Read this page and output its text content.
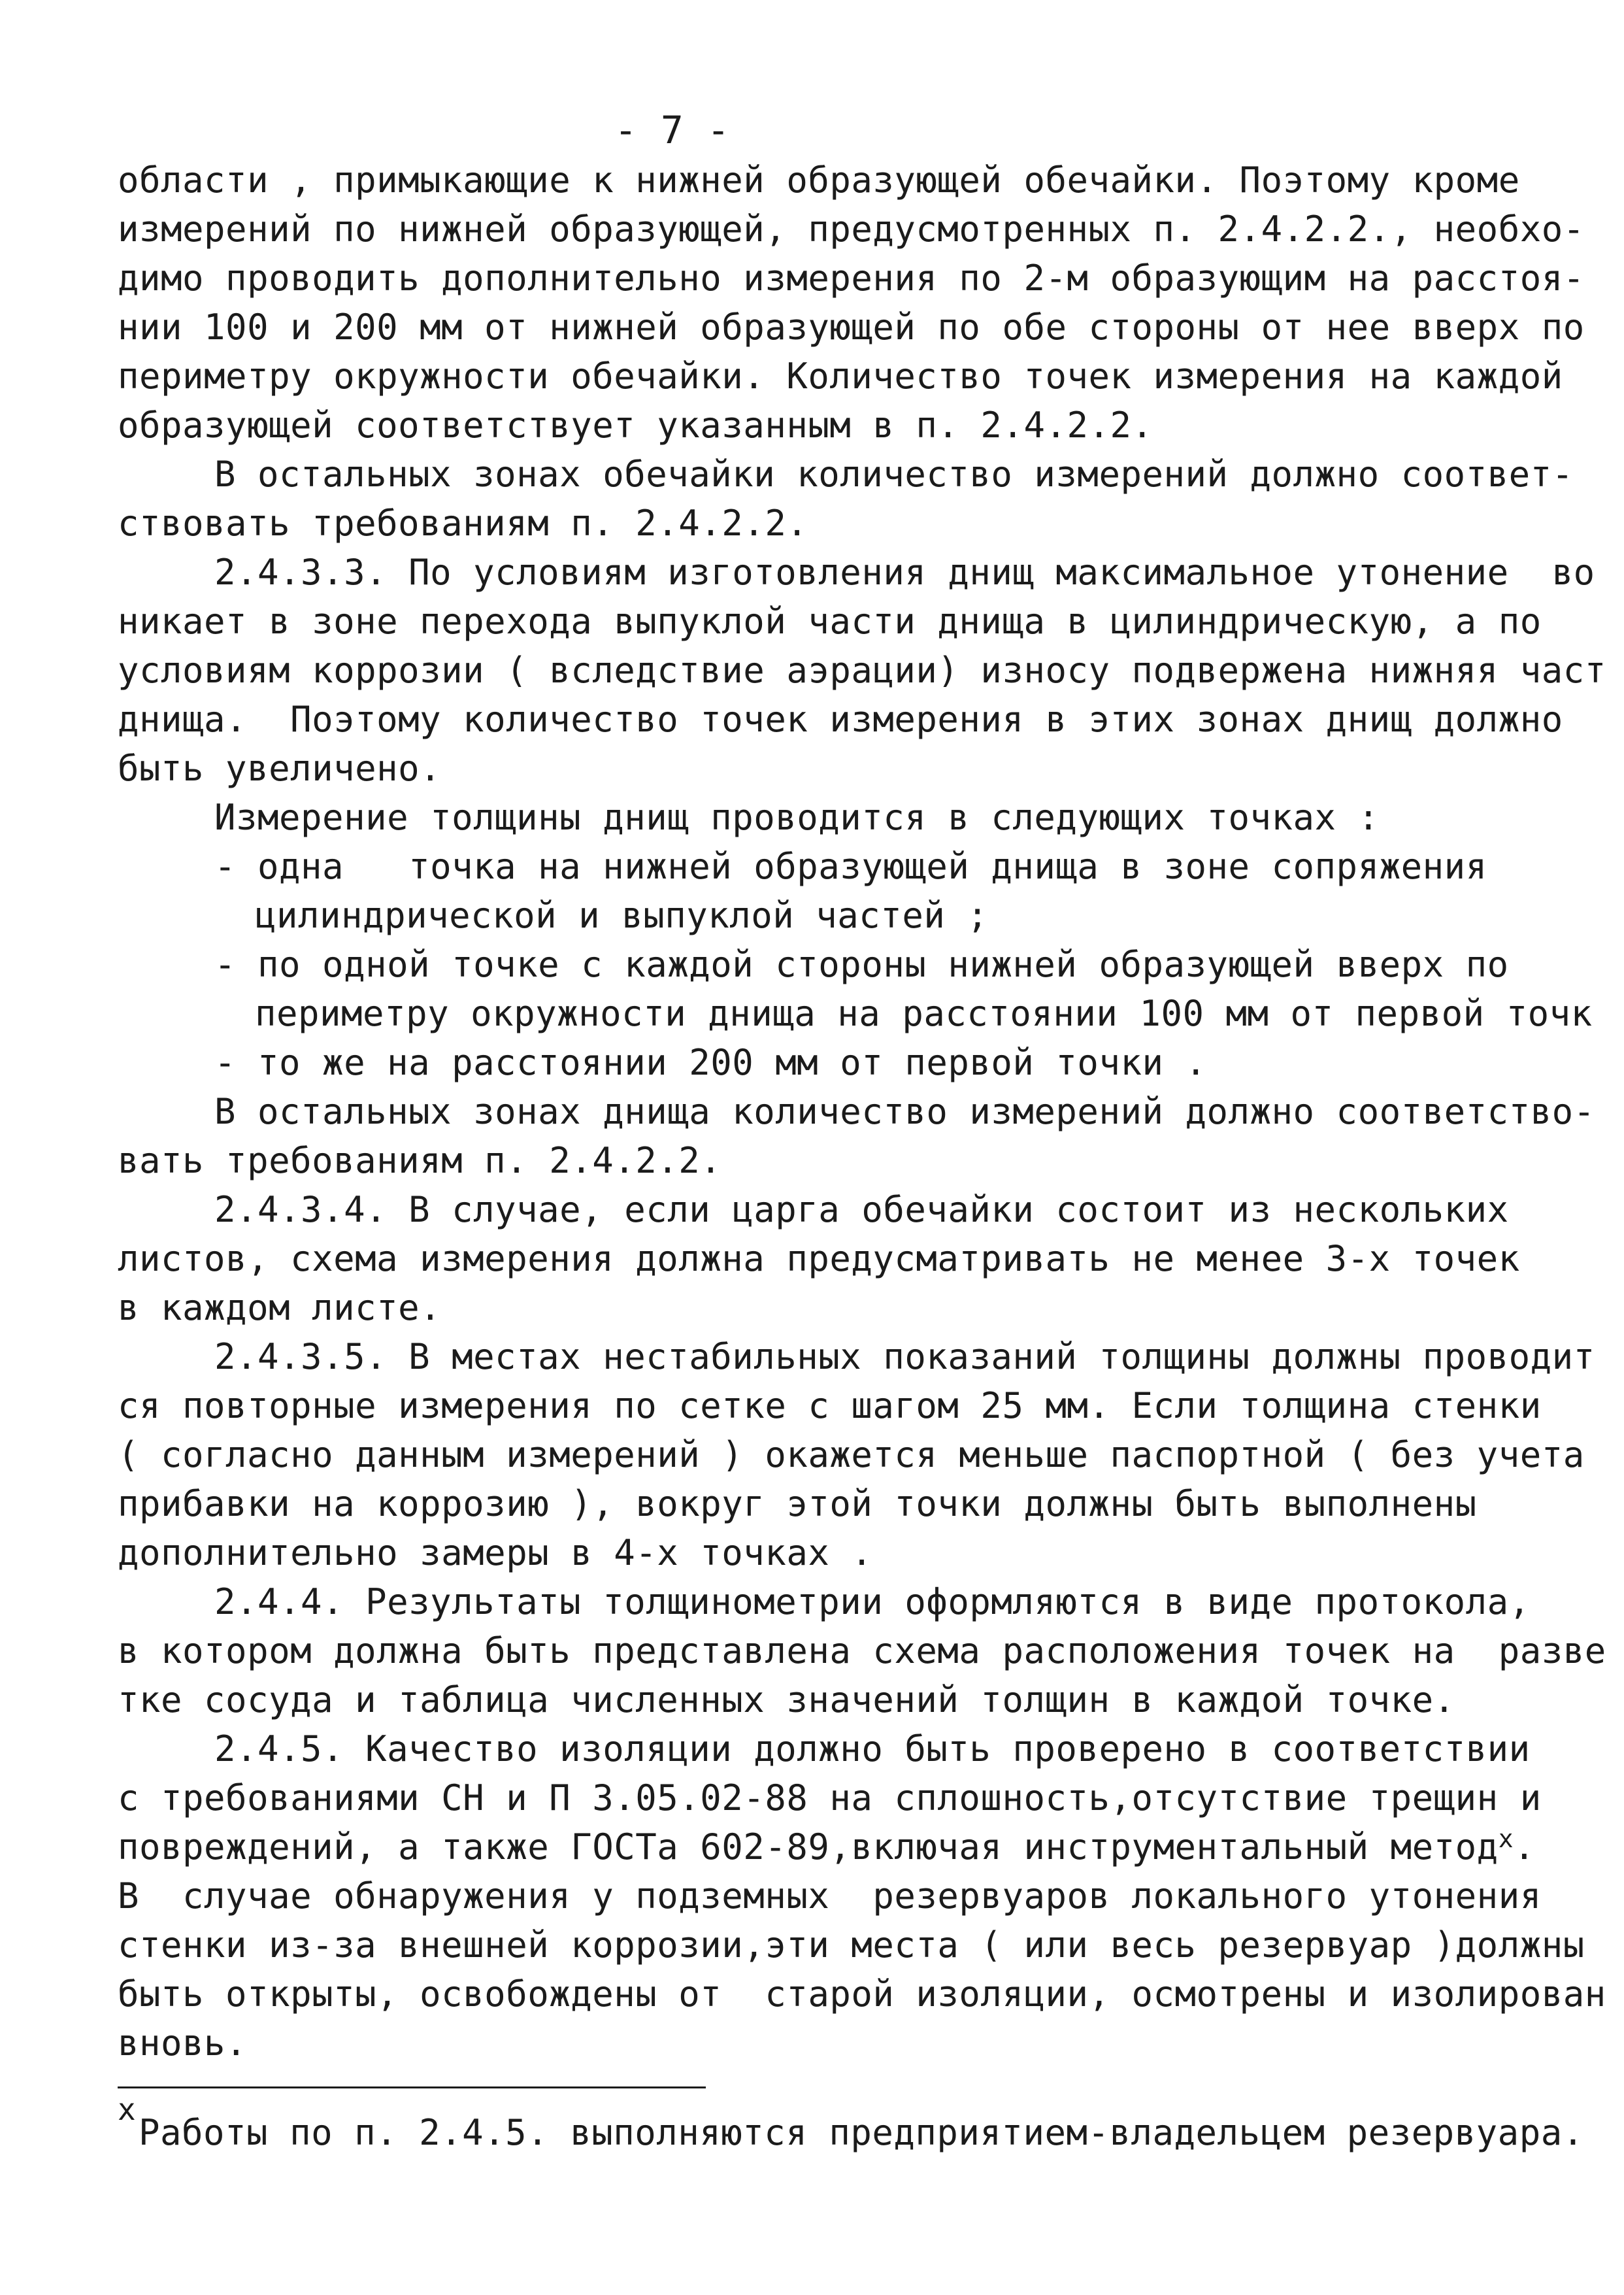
- 7 -
области , примыкающие к нижней образующей обечайки. Поэтому кроме
измерений по нижней образующей, предусмотренных п. 2.4.2.2., необхо-
димо проводить дополнительно измерения по 2-м образующим на расстоя-
нии 100 и 200 мм от нижней образующей по обе стороны от нее вверх по
периметру окружности обечайки. Количество точек измерения на каждой
образующей соответствует указанным в п. 2.4.2.2.
В остальных зонах обечайки количество измерений должно соответ-
ствовать требованиям п. 2.4.2.2.
2.4.3.3. По условиям изготовления днищ максимальное утонение  во
никает в зоне перехода выпуклой части днища в цилиндрическую, а по
условиям коррозии ( вследствие аэрации) износу подвержена нижняя част
днища.  Поэтому количество точек измерения в этих зонах днищ должно
быть увеличено.
Измерение толщины днищ проводится в следующих точках :
- одна   точка на нижней образующей днища в зоне сопряжения
цилиндрической и выпуклой частей ;
- по одной точке с каждой стороны нижней образующей вверх по
периметру окружности днища на расстоянии 100 мм от первой точк
- то же на расстоянии 200 мм от первой точки .
В остальных зонах днища количество измерений должно соответство-
вать требованиям п. 2.4.2.2.
2.4.3.4. В случае, если царга обечайки состоит из нескольких
листов, схема измерения должна предусматривать не менее 3-х точек
в каждом листе.
2.4.3.5. В местах нестабильных показаний толщины должны проводит
ся повторные измерения по сетке с шагом 25 мм. Если толщина стенки
( согласно данным измерений ) окажется меньше паспортной ( без учета
прибавки на коррозию ), вокруг этой точки должны быть выполнены
дополнительно замеры в 4-х точках .
2.4.4. Результаты толщинометрии оформляются в виде протокола,
в котором должна быть представлена схема расположения точек на  разве
тке сосуда и таблица численных значений толщин в каждой точке.
2.4.5. Качество изоляции должно быть проверено в соответствии
с требованиями СН и П 3.05.02-88 на сплошность,отсутствие трещин и
повреждений, а также ГОСТа 602-89,включая инструментальный метод$^х$.
В  случае обнаружения у подземных  резервуаров локального утонения
стенки из-за внешней коррозии,эти места ( или весь резервуар )должны
быть открыты, освобождены от  старой изоляции, осмотрены и изолирован
вновь.
х
Работы по п. 2.4.5. выполняются предприятием-владельцем резервуара.
